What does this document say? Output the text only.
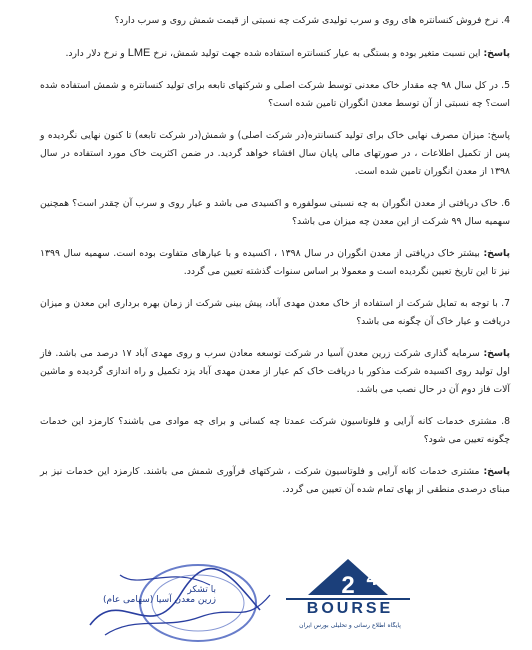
4. نرخ فروش کنسانتره های روی و سرب تولیدی شرکت چه نسبتی از قیمت شمش روی و سرب دارد؟
پاسخ: این نسبت متغیر بوده و بستگی به عیار کنسانتره استفاده شده جهت تولید شمش، نرخ LME و نرخ دلار دارد.
5. در کل سال ۹۸ چه مقدار خاک معدنی توسط شرکت اصلی و شرکتهای تابعه برای تولید کنسانتره و شمش استفاده شده است؟ چه نسبتی از آن توسط معدن انگوران تامین شده است؟
پاسخ: میزان مصرف نهایی خاک برای تولید کنسانتره(در شرکت اصلی) و شمش(در شرکت تابعه) تا کنون نهایی نگردیده و پس از تکمیل اطلاعات ، در صورتهای مالی پایان سال افشاء خواهد گردید. در ضمن اکثریت خاک مورد استفاده در سال ۱۳۹۸ از معدن انگوران تامین شده است.
6. خاک دریافتی از معدن انگوران به چه نسبتی سولفوره و اکسیدی می باشد و عیار روی و سرب آن چقدر است؟ همچنین سهمیه سال ۹۹ شرکت از این معدن چه میزان می باشد؟
پاسخ: بیشتر خاک دریافتی از معدن انگوران در سال ۱۳۹۸ ، اکسیده و با عیارهای متفاوت بوده است. سهمیه سال ۱۳۹۹ نیز تا این تاریخ تعیین نگردیده است و معمولا بر اساس سنوات گذشته تعیین می گردد.
7. با توجه به تمایل شرکت از استفاده از خاک معدن مهدی آباد، پیش بینی شرکت از زمان بهره برداری این معدن و میزان دریافت و عیار خاک آن چگونه می باشد؟
پاسخ: سرمایه گذاری شرکت زرین معدن آسیا در شرکت توسعه معادن سرب و روی مهدی آباد ۱۷ درصد می باشد. فاز اول تولید روی اکسیده شرکت مذکور با دریافت خاک کم عیار از معدن مهدی آباد یزد تکمیل و راه اندازی گردیده و ماشین آلات فاز دوم آن در حال نصب می باشد.
8. مشتری خدمات کانه آرایی و فلوتاسیون شرکت عمدتا چه کسانی و برای چه موادی می باشند؟ کارمزد این خدمات چگونه تعیین می شود؟
پاسخ: مشتری خدمات کانه آرایی و فلوتاسیون شرکت ، شرکتهای فرآوری شمش می باشند. کارمزد این خدمات نیز بر مبنای درصدی منطقی از بهای تمام شده آن تعیین می گردد.
با تشکر
زرین معدن آسیا (سهامی عام)
2 4
BOURSE
پایگاه اطلاع رسانی و تحلیلی بورس ایران
